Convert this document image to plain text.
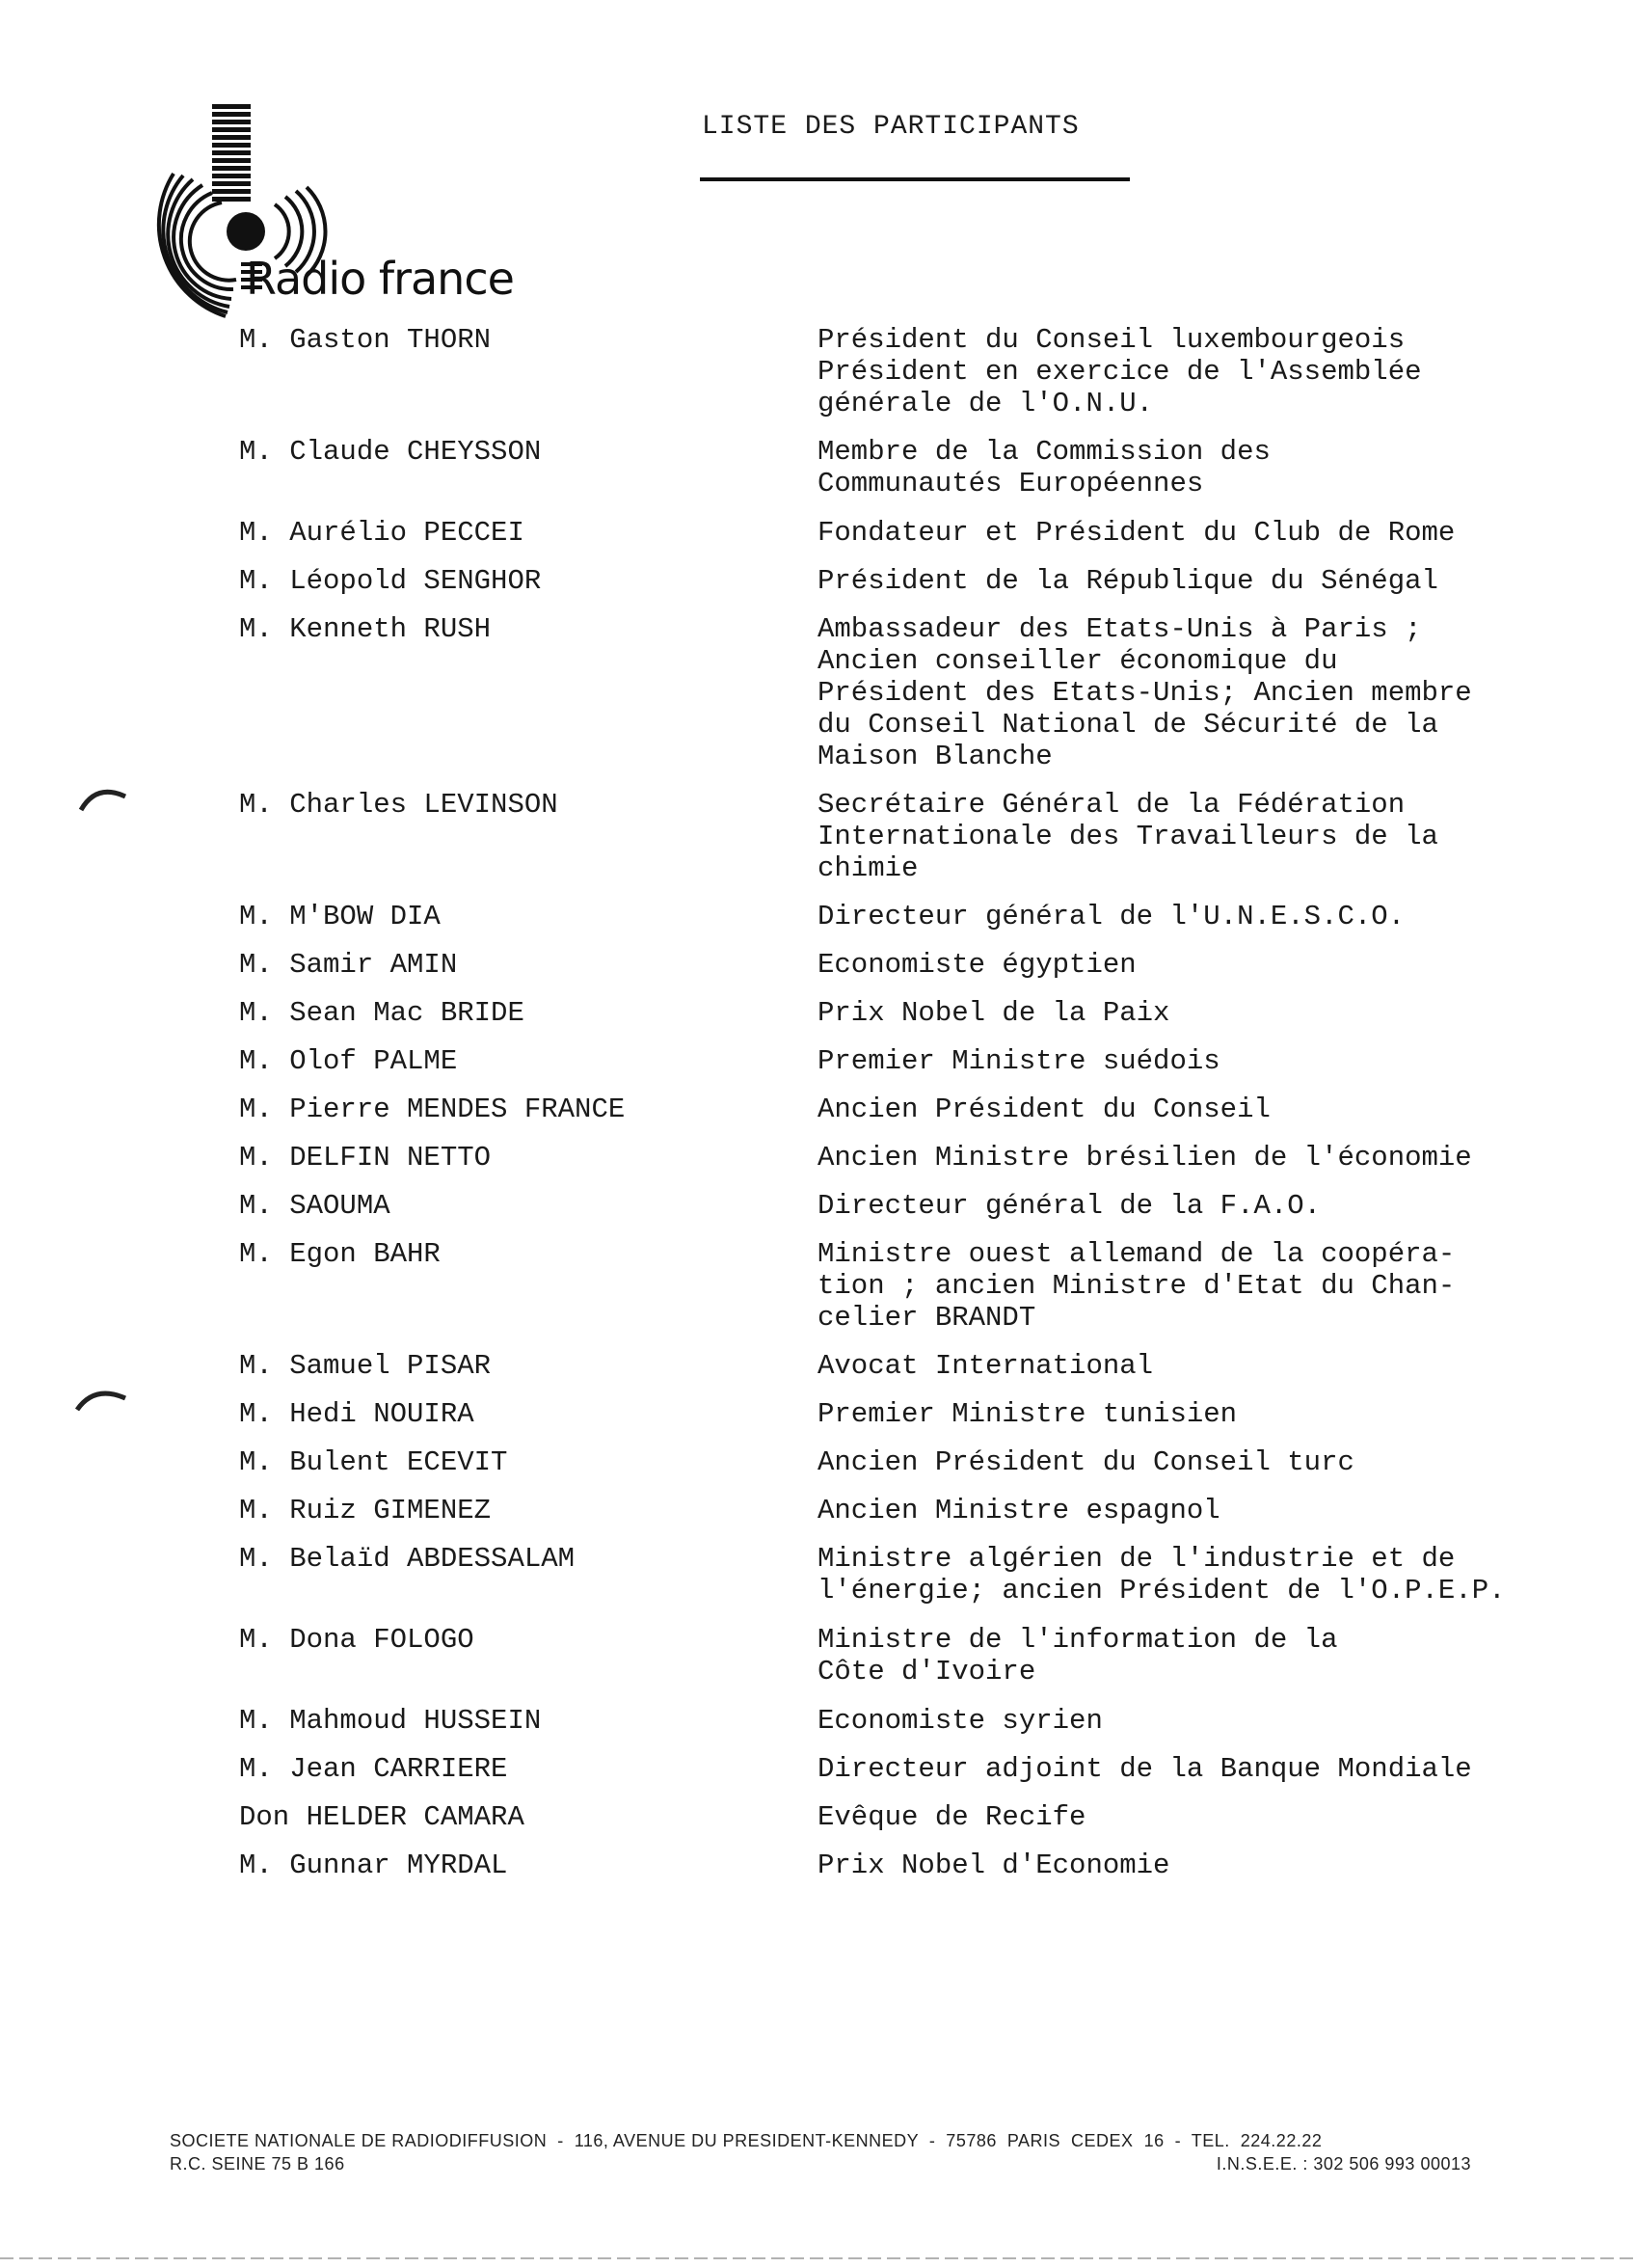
Radio france
LISTE DES PARTICIPANTS
M. Gaston THORN	Président du Conseil luxembourgeois
Président en exercice de l'Assemblée
générale de l'O.N.U.
M. Claude CHEYSSON	Membre de la Commission des
Communautés Européennes
M. Aurélio PECCEI	Fondateur et Président du Club de Rome
M. Léopold SENGHOR	Président de la République du Sénégal
M. Kenneth RUSH	Ambassadeur des Etats-Unis à Paris ;
Ancien conseiller économique du
Président des Etats-Unis; Ancien membre
du Conseil National de Sécurité de la
Maison Blanche
M. Charles LEVINSON	Secrétaire Général de la Fédération
Internationale des Travailleurs de la
chimie
M. M'BOW DIA	Directeur général de l'U.N.E.S.C.O.
M. Samir AMIN	Economiste égyptien
M. Sean Mac BRIDE	Prix Nobel de la Paix
M. Olof PALME	Premier Ministre suédois
M. Pierre MENDES FRANCE	Ancien Président du Conseil
M. DELFIN NETTO	Ancien Ministre brésilien de l'économie
M. SAOUMA	Directeur général de la F.A.O.
M. Egon BAHR	Ministre ouest allemand de la coopéra-
tion ; ancien Ministre d'Etat du Chan-
celier BRANDT
M. Samuel PISAR	Avocat International
M. Hedi NOUIRA	Premier Ministre tunisien
M. Bulent ECEVIT	Ancien Président du Conseil turc
M. Ruiz GIMENEZ	Ancien Ministre espagnol
M. Belaïd ABDESSALAM	Ministre algérien de l'industrie et de
l'énergie; ancien Président de l'O.P.E.P.
M. Dona FOLOGO	Ministre de l'information de la
Côte d'Ivoire
M. Mahmoud HUSSEIN	Economiste syrien
M. Jean CARRIERE	Directeur adjoint de la Banque Mondiale
Don HELDER CAMARA	Evêque de Recife
M. Gunnar MYRDAL	Prix Nobel d'Economie
SOCIETE NATIONALE DE RADIODIFFUSION  -  116, AVENUE DU PRESIDENT-KENNEDY  -  75786  PARIS  CEDEX  16  -  TEL.  224.22.22
R.C. SEINE 75 B 166	I.N.S.E.E. : 302 506 993 00013
